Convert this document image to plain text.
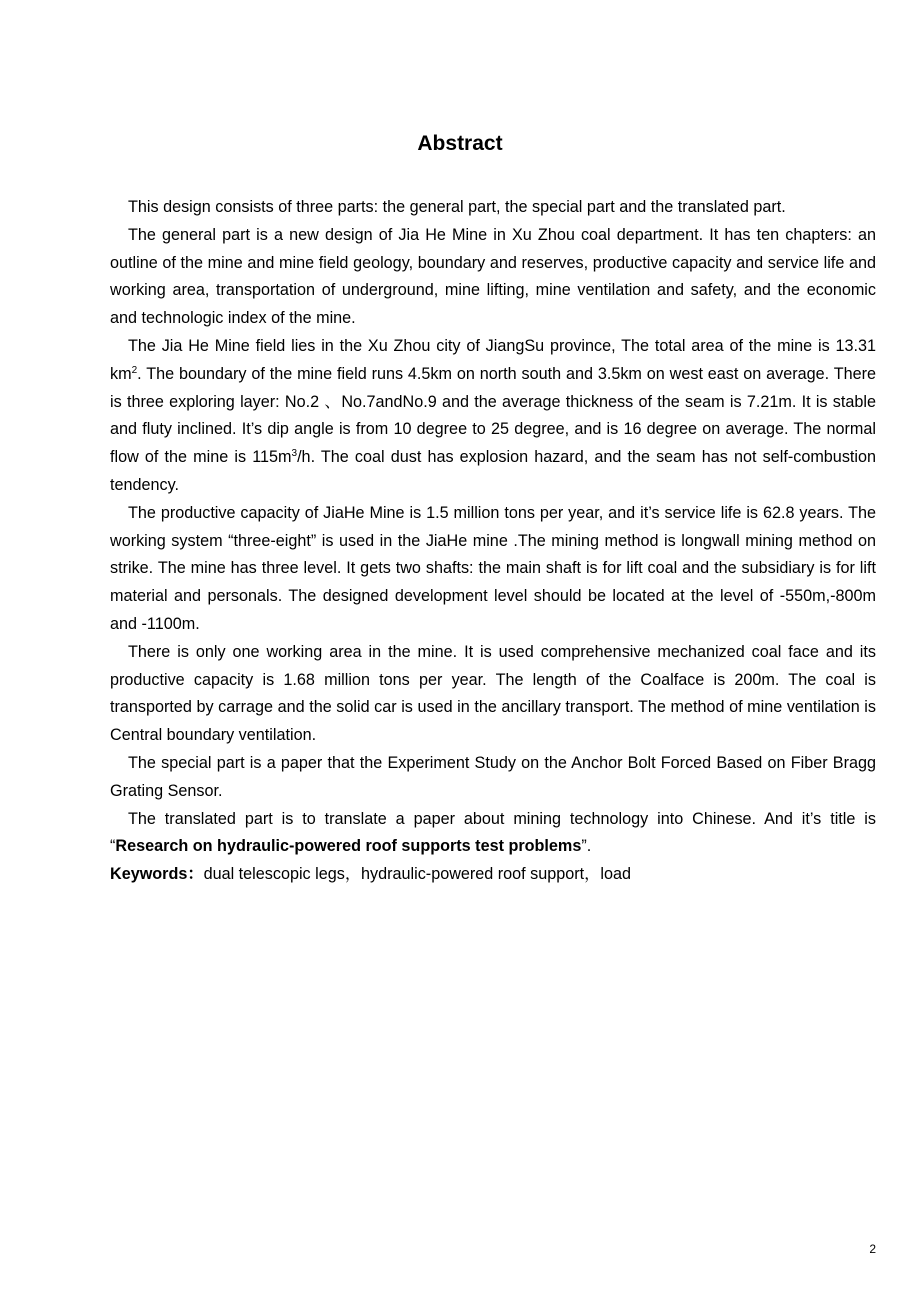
Abstract

This design consists of three parts: the general part, the special part and the translated part.

The general part is a new design of Jia He Mine in Xu Zhou coal department. It has ten chapters: an outline of the mine and mine field geology, boundary and reserves, productive capacity and service life and working area, transportation of underground, mine lifting, mine ventilation and safety, and the economic and technologic index of the mine.

The Jia He Mine field lies in the Xu Zhou city of JiangSu province, The total area of the mine is 13.31 $km^2$. The boundary of the mine field runs 4.5km on north south and 3.5km on west east on average. There is three exploring layer: No.2 、No.7andNo.9 and the average thickness of the seam is 7.21m. It is stable and fluty inclined. It’s dip angle is from 10 degree to 25 degree, and is 16 degree on average. The normal flow of the mine is $115m^3/h$. The coal dust has explosion hazard, and the seam has not self-combustion tendency.

The productive capacity of JiaHe Mine is 1.5 million tons per year, and it’s service life is 62.8 years. The working system “three-eight” is used in the JiaHe mine .The mining method is longwall mining method on strike. The mine has three level. It gets two shafts: the main shaft is for lift coal and the subsidiary is for lift material and personals. The designed development level should be located at the level of -550m,-800m and -1100m.

There is only one working area in the mine. It is used comprehensive mechanized coal face and its productive capacity is 1.68 million tons per year. The length of the Coalface is 200m. The coal is transported by carrage and the solid car is used in the ancillary transport. The method of mine ventilation is Central boundary ventilation.

The special part is a paper that the Experiment Study on the Anchor Bolt Forced Based on Fiber Bragg Grating Sensor.

The translated part is to translate a paper about mining technology into Chinese. And it’s title is “Research on hydraulic-powered roof supports test problems”.

Keywords：dual telescopic legs，hydraulic-powered roof support，load

2
